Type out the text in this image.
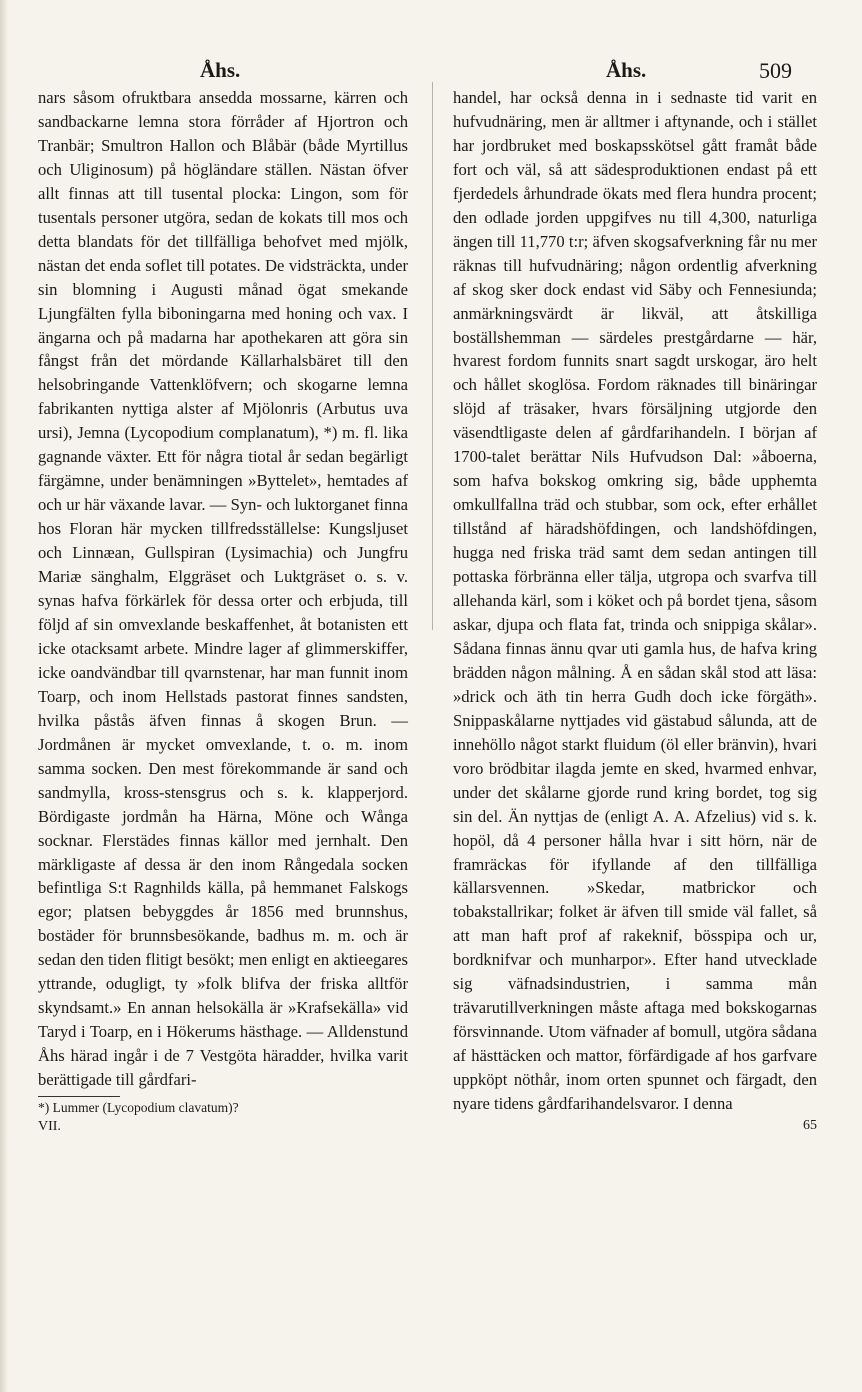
Åhs.	Åhs.	509

nars såsom ofruktbara ansedda mossarne, kärren och sandbackarne lemna stora förråder af Hjortron och Tranbär; Smultron Hallon och Blåbär (både Myrtillus och Uliginosum) på högländare ställen. Nästan öfver allt finnas att till tusental plocka: Lingon, som för tusentals personer utgöra, sedan de kokats till mos och detta blandats för det tillfälliga behofvet med mjölk, nästan det enda soflet till potates. De vidsträckta, under sin blomning i Augusti månad ögat smekande Ljungfälten fylla biboningarna med honing och vax. I ängarna och på madarna har apothekaren att göra sin fångst från det mördande Källarhalsbäret till den helsobringande Vattenklöfvern; och skogarne lemna fabrikanten nyttiga alster af Mjölonris (Arbutus uva ursi), Jemna (Lycopodium complanatum), *) m. fl. lika gagnande växter. Ett för några tiotal år sedan begärligt färgämne, under benämningen »Byttelet», hemtades af och ur här växande lavar. — Syn- och luktorganet finna hos Floran här mycken tillfredsställelse: Kungsljuset och Linnæan, Gullspiran (Lysimachia) och Jungfru Mariæ sänghalm, Elggräset och Luktgräset o. s. v. synas hafva förkärlek för dessa orter och erbjuda, till följd af sin omvexlande beskaffenhet, åt botanisten ett icke otacksamt arbete. Mindre lager af glimmerskiffer, icke oandvändbar till qvarnstenar, har man funnit inom Toarp, och inom Hellstads pastorat finnes sandsten, hvilka påstås äfven finnas å skogen Brun. — Jordmånen är mycket omvexlande, t. o. m. inom samma socken. Den mest förekommande är sand och sandmylla, kross-stensgrus och s. k. klapperjord. Bördigaste jordmån ha Härna, Möne och Wånga socknar. Flerstädes finnas källor med jernhalt. Den märkligaste af dessa är den inom Rångedala socken befintliga S:t Ragnhilds källa, på hemmanet Falskogs egor; platsen bebyggdes år 1856 med brunnshus, bostäder för brunnsbesökande, badhus m. m. och är sedan den tiden flitigt besökt; men enligt en aktieegares yttrande, odugligt, ty »folk blifva der friska alltför skyndsamt.» En annan helsokälla är »Krafsekälla» vid Taryd i Toarp, en i Hökerums hästhage. — Alldenstund Åhs härad ingår i de 7 Vestgöta häradder, hvilka varit berättigade till gårdfari-

*) Lummer (Lycopodium clavatum)?

VII.

handel, har också denna in i sednaste tid varit en hufvudnäring, men är alltmer i aftynande, och i stället har jordbruket med boskapsskötsel gått framåt både fort och väl, så att sädesproduktionen endast på ett fjerdedels århundrade ökats med flera hundra procent; den odlade jorden uppgifves nu till 4,300, naturliga ängen till 11,770 t:r; äfven skogsafverkning får nu mer räknas till hufvudnäring; någon ordentlig afverkning af skog sker dock endast vid Säby och Fennesiunda; anmärkningsvärdt är likväl, att åtskilliga boställshemman — särdeles prestgårdarne — här, hvarest fordom funnits snart sagdt urskogar, äro helt och hållet skoglösa. Fordom räknades till binäringar slöjd af träsaker, hvars försäljning utgjorde den väsendtligaste delen af gårdfarihandeln. I början af 1700-talet berättar Nils Hufvudson Dal: »åboerna, som hafva bokskog omkring sig, både upphemta omkullfallna träd och stubbar, som ock, efter erhållet tillstånd af häradshöfdingen, och landshöfdingen, hugga ned friska träd samt dem sedan antingen till pottaska förbränna eller tälja, utgropa och svarfva till allehanda kärl, som i köket och på bordet tjena, såsom askar, djupa och flata fat, trinda och snippiga skålar». Sådana finnas ännu qvar uti gamla hus, de hafva kring brädden någon målning. Å en sådan skål stod att läsa: »drick och äth tin herra Gudh doch icke förgäth». Snippaskålarne nyttjades vid gästabud sålunda, att de innehöllo något starkt fluidum (öl eller bränvin), hvari voro brödbitar ilagda jemte en sked, hvarmed enhvar, under det skålarne gjorde rund kring bordet, tog sig sin del. Än nyttjas de (enligt A. A. Afzelius) vid s. k. hopöl, då 4 personer hålla hvar i sitt hörn, när de framräckas för ifyllande af den tillfälliga källarsvennen. »Skedar, matbrickor och tobakstallrikar; folket är äfven till smide väl fallet, så att man haft prof af rakeknif, bösspipa och ur, bordknifvar och munharpor». Efter hand utvecklade sig väfnadsindustrien, i samma mån trävarutillverkningen måste aftaga med bokskogarnas försvinnande. Utom väfnader af bomull, utgöra sådana af hästtäcken och mattor, förfärdigade af hos garfvare uppköpt nöthår, inom orten spunnet och färgadt, den nyare tidens gårdfarihandelsvaror. I denna

65
